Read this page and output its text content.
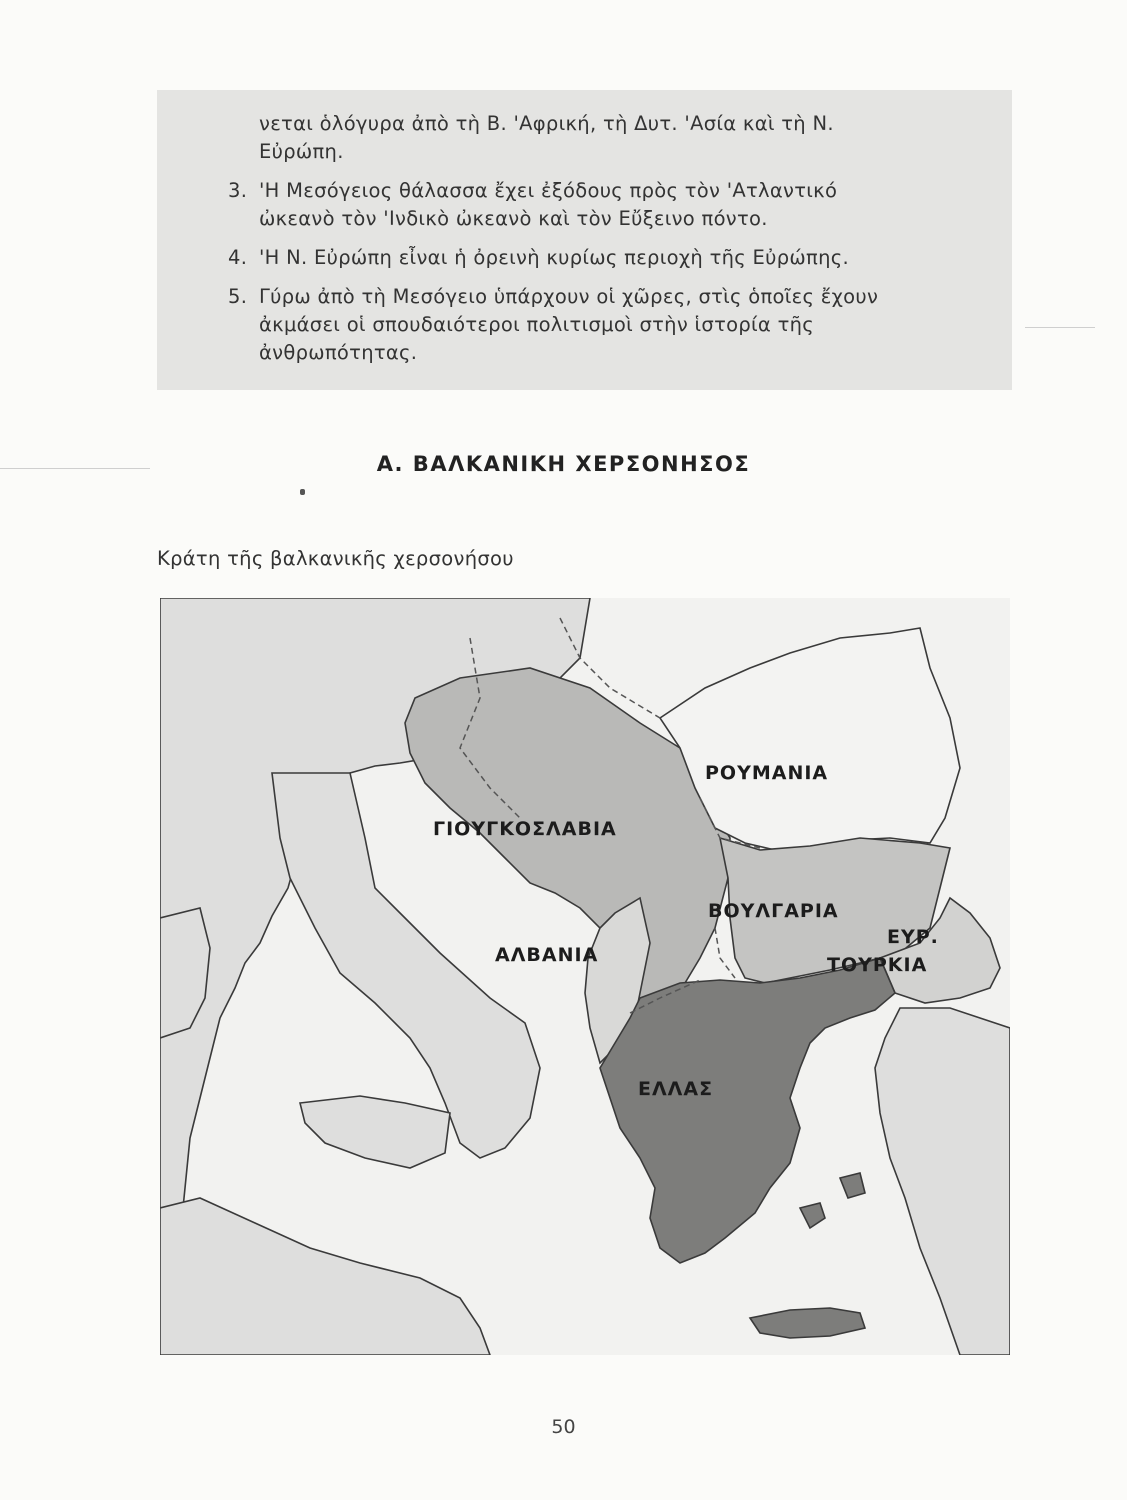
νεται ὁλόγυρα ἀπὸ τὴ Β. 'Αφρική, τὴ Δυτ. 'Ασία καὶ τὴ Ν.
Εὐρώπη.
3. 'Η Μεσόγειος θάλασσα ἔχει ἐξόδους πρὸς τὸν 'Ατλαντικό
ὠκεανὸ τὸν 'Ινδικὸ ὠκεανὸ καὶ τὸν Εὔξεινο πόντο.
4. 'Η Ν. Εὐρώπη εἶναι ἡ ὀρεινὴ κυρίως περιοχὴ τῆς Εὐρώπης.
5. Γύρω ἀπὸ τὴ Μεσόγειο ὑπάρχουν οἱ χῶρες, στὶς ὁποῖες ἔχουν
ἀκμάσει οἱ σπουδαιότεροι πολιτισμοὶ στὴν ἱστορία τῆς
ἀνθρωπότητας.
Α. ΒΑΛΚΑΝΙΚΗ ΧΕΡΣΟΝΗΣΟΣ
Κράτη τῆς βαλκανικῆς χερσονήσου
ΡΟΥΜΑΝΙΑ
ΓΙΟΥΓΚΟΣΛΑΒΙΑ
ΒΟΥΛΓΑΡΙΑ
ΕΥΡ.
ΑΛΒΑΝΙΑ	ΤΟΥΡΚΙΑ
ΕΛΛΑΣ
50
